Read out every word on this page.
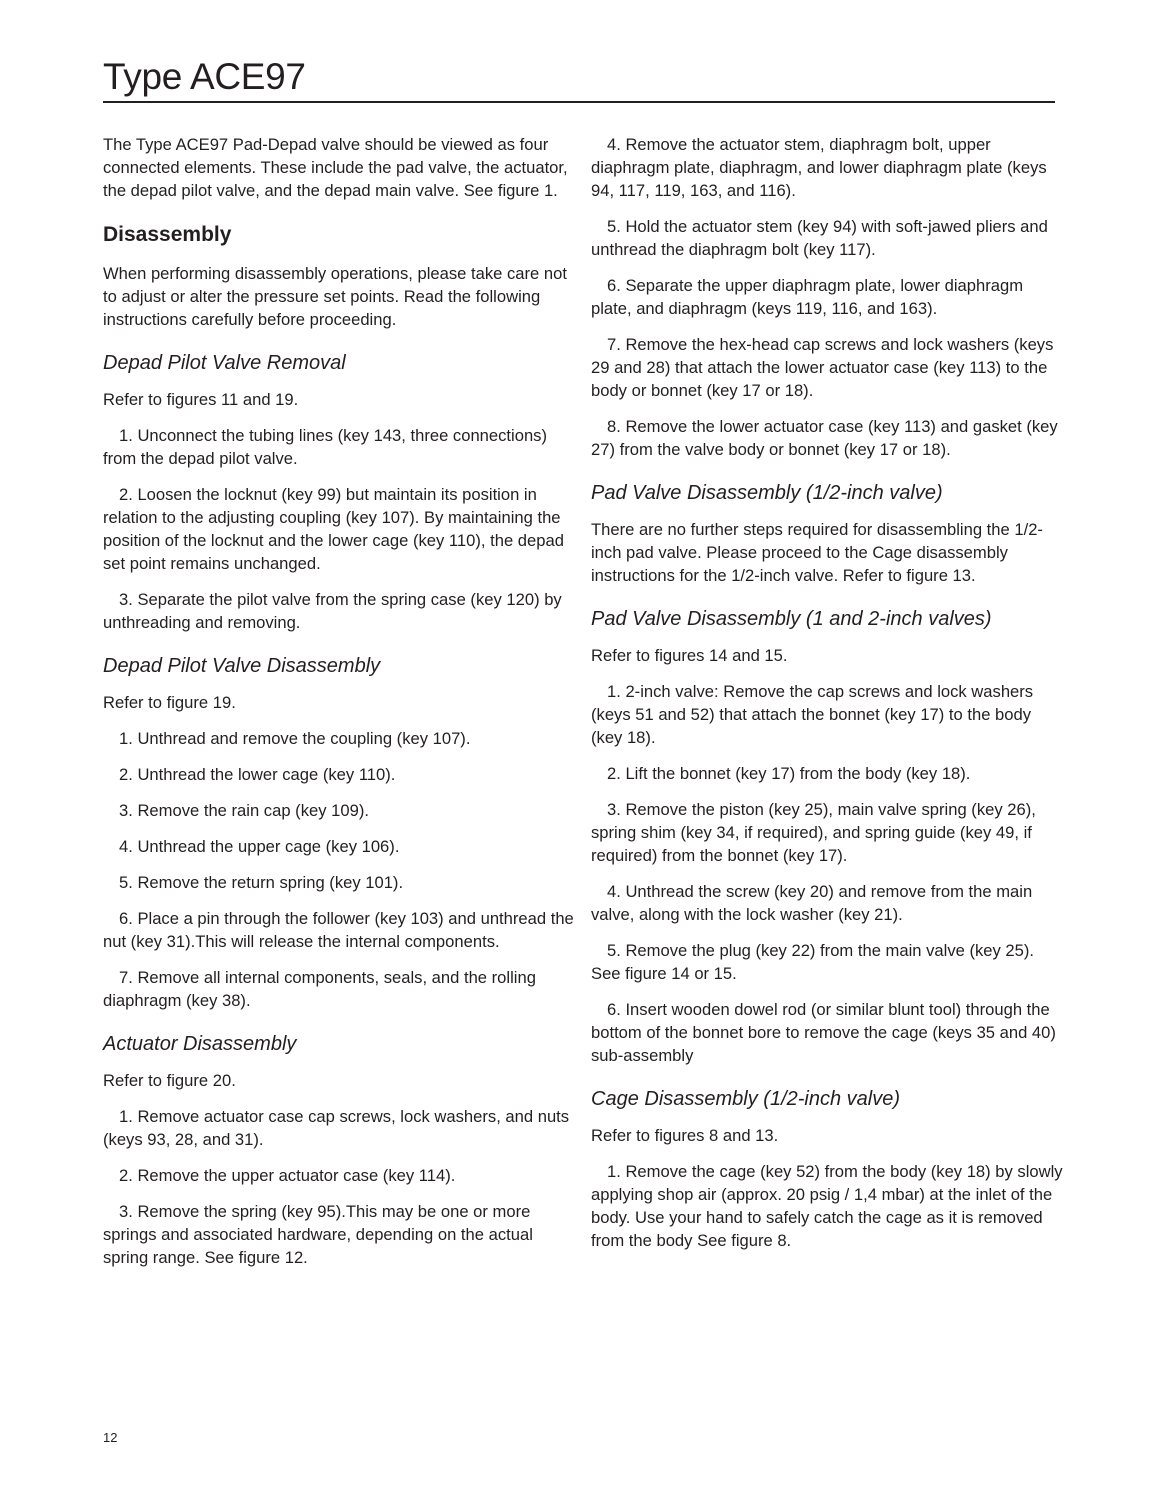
Type ACE97

The Type ACE97 Pad-Depad valve should be viewed as four connected elements. These include the pad valve, the actuator, the depad pilot valve, and the depad main valve. See figure 1.

Disassembly

When performing disassembly operations, please take care not to adjust or alter the pressure set points. Read the following instructions carefully before proceeding.

Depad Pilot Valve Removal

Refer to figures 11 and 19.

1. Unconnect the tubing lines (key 143, three connections) from the depad pilot valve.

2. Loosen the locknut (key 99) but maintain its position in relation to the adjusting coupling (key 107). By maintaining the position of the locknut and the lower cage (key 110), the depad set point remains unchanged.

3. Separate the pilot valve from the spring case (key 120) by unthreading and removing.

Depad Pilot Valve Disassembly

Refer to figure 19.

1. Unthread and remove the coupling (key 107).

2. Unthread the lower cage (key 110).

3. Remove the rain cap (key 109).

4. Unthread the upper cage (key 106).

5. Remove the return spring (key 101).

6. Place a pin through the follower (key 103) and unthread the nut (key 31).This will release the internal components.

7. Remove all internal components, seals, and the rolling diaphragm (key 38).

Actuator Disassembly

Refer to figure 20.

1. Remove actuator case cap screws, lock washers, and nuts (keys 93, 28, and 31).

2. Remove the upper actuator case (key 114).

3. Remove the spring (key 95).This may be one or more springs and associated hardware, depending on the actual spring range. See figure 12.

4. Remove the actuator stem, diaphragm bolt, upper diaphragm plate, diaphragm, and lower diaphragm plate (keys 94, 117, 119, 163, and 116).

5. Hold the actuator stem (key 94) with soft-jawed pliers and unthread the diaphragm bolt (key 117).

6. Separate the upper diaphragm plate, lower diaphragm plate, and diaphragm (keys 119, 116, and 163).

7. Remove the hex-head cap screws and lock washers (keys 29 and 28) that attach the lower actuator case (key 113) to the body or bonnet (key 17 or 18).

8. Remove the lower actuator case (key 113) and gasket (key 27) from the valve body or bonnet (key 17 or 18).

Pad Valve Disassembly (1/2-inch valve)

There are no further steps required for disassembling the 1/2-inch pad valve. Please proceed to the Cage disassembly instructions for the 1/2-inch valve. Refer to figure 13.

Pad Valve Disassembly (1 and 2-inch valves)

Refer to figures 14 and 15.

1. 2-inch valve: Remove the cap screws and lock washers (keys 51 and 52) that attach the bonnet (key 17) to the body (key 18).

2. Lift the bonnet (key 17) from the body (key 18).

3. Remove the piston (key 25), main valve spring (key 26), spring shim (key 34, if required), and spring guide (key 49, if required) from the bonnet (key 17).

4. Unthread the screw (key 20) and remove from the main valve, along with the lock washer (key 21).

5. Remove the plug (key 22) from the main valve (key 25). See figure 14 or 15.

6. Insert wooden dowel rod (or similar blunt tool) through the bottom of the bonnet bore to remove the cage (keys 35 and 40) sub-assembly

Cage Disassembly (1/2-inch valve)

Refer to figures 8 and 13.

1. Remove the cage (key 52) from the body (key 18) by slowly applying shop air (approx. 20 psig / 1,4 mbar) at the inlet of the body. Use your hand to safely catch the cage as it is removed from the body See figure 8.

12
